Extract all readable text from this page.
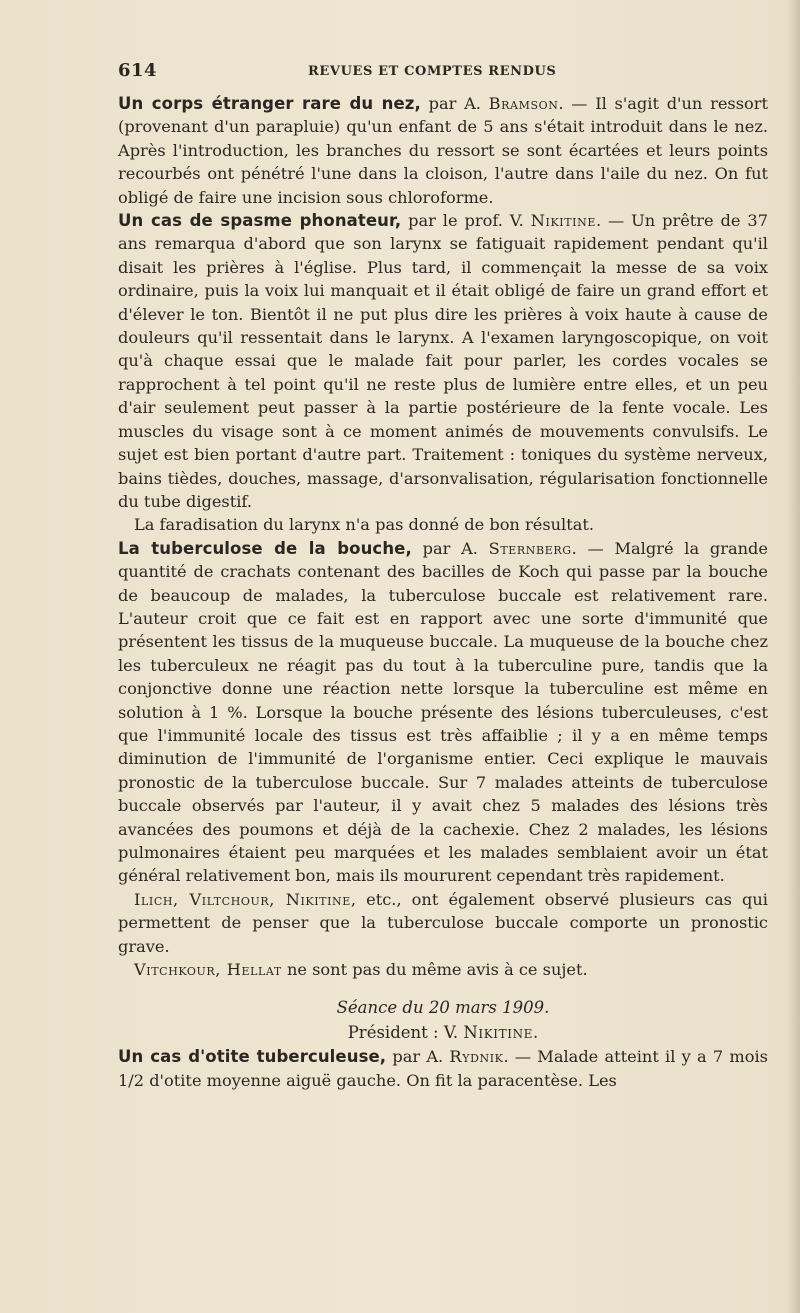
614	REVUES ET COMPTES RENDUS

Un corps étranger rare du nez, par A. Bramson. — Il s'agit d'un ressort (provenant d'un parapluie) qu'un enfant de 5 ans s'était introduit dans le nez. Après l'introduction, les branches du ressort se sont écartées et leurs points recourbés ont pénétré l'une dans la cloison, l'autre dans l'aile du nez. On fut obligé de faire une incision sous chloroforme.

Un cas de spasme phonateur, par le prof. V. Nikitine. — Un prêtre de 37 ans remarqua d'abord que son larynx se fatiguait rapidement pendant qu'il disait les prières à l'église. Plus tard, il commençait la messe de sa voix ordinaire, puis la voix lui manquait et il était obligé de faire un grand effort et d'élever le ton. Bientôt il ne put plus dire les prières à voix haute à cause de douleurs qu'il ressentait dans le larynx. A l'examen laryngoscopique, on voit qu'à chaque essai que le malade fait pour parler, les cordes vocales se rapprochent à tel point qu'il ne reste plus de lumière entre elles, et un peu d'air seulement peut passer à la partie postérieure de la fente vocale. Les muscles du visage sont à ce moment animés de mouvements convulsifs. Le sujet est bien portant d'autre part. Traitement : toniques du système nerveux, bains tièdes, douches, massage, d'arsonvalisation, régularisation fonctionnelle du tube digestif.

La faradisation du larynx n'a pas donné de bon résultat.

La tuberculose de la bouche, par A. Sternberg. — Malgré la grande quantité de crachats contenant des bacilles de Koch qui passe par la bouche de beaucoup de malades, la tuberculose buccale est relativement rare. L'auteur croit que ce fait est en rapport avec une sorte d'immunité que présentent les tissus de la muqueuse buccale. La muqueuse de la bouche chez les tuberculeux ne réagit pas du tout à la tuberculine pure, tandis que la conjonctive donne une réaction nette lorsque la tuberculine est même en solution à 1 %. Lorsque la bouche présente des lésions tuberculeuses, c'est que l'immunité locale des tissus est très affaiblie ; il y a en même temps diminution de l'immunité de l'organisme entier. Ceci explique le mauvais pronostic de la tuberculose buccale. Sur 7 malades atteints de tuberculose buccale observés par l'auteur, il y avait chez 5 malades des lésions très avancées des poumons et déjà de la cachexie. Chez 2 malades, les lésions pulmonaires étaient peu marquées et les malades semblaient avoir un état général relativement bon, mais ils moururent cependant très rapidement.

Ilich, Viltchour, Nikitine, etc., ont également observé plusieurs cas qui permettent de penser que la tuberculose buccale comporte un pronostic grave.

Vitchkour, Hellat ne sont pas du même avis à ce sujet.

Séance du 20 mars 1909.
Président : V. Nikitine.

Un cas d'otite tuberculeuse, par A. Rydnik. — Malade atteint il y a 7 mois 1/2 d'otite moyenne aiguë gauche. On fit la paracentèse. Les
